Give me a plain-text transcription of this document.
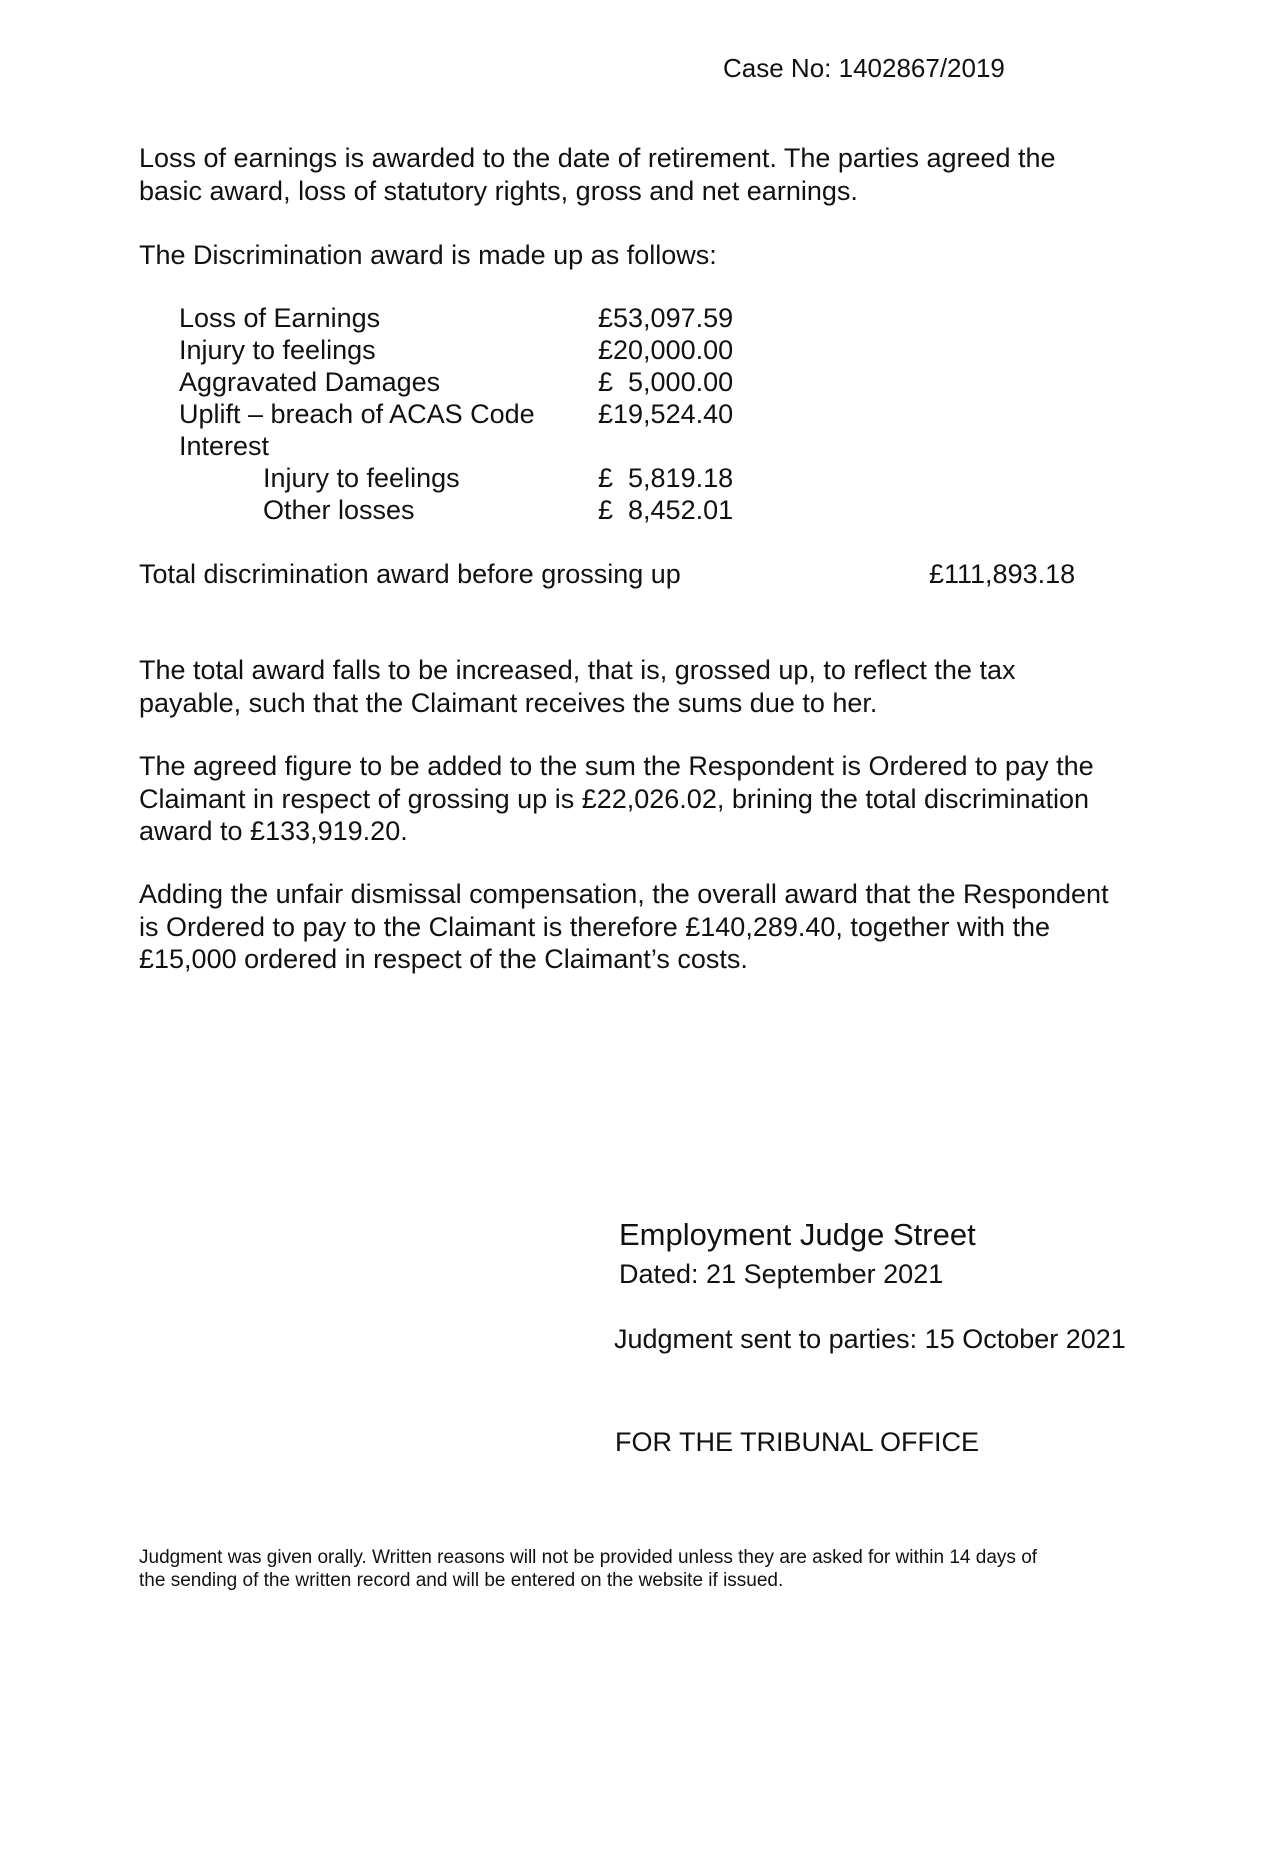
Case No: 1402867/2019
Loss of earnings is awarded to the date of retirement. The parties agreed the
basic award, loss of statutory rights, gross and net earnings.
The Discrimination award is made up as follows:
Loss of Earnings	£53,097.59
Injury to feelings	£20,000.00
Aggravated Damages	£  5,000.00
Uplift – breach of ACAS Code £19,524.40
Interest
Injury to feelings	£  5,819.18
Other losses	£  8,452.01
Total discrimination award before grossing up	£111,893.18
The total award falls to be increased, that is, grossed up, to reflect the tax
payable, such that the Claimant receives the sums due to her.
The agreed figure to be added to the sum the Respondent is Ordered to pay the
Claimant in respect of grossing up is £22,026.02, brining the total discrimination
award to £133,919.20.
Adding the unfair dismissal compensation, the overall award that the Respondent
is Ordered to pay to the Claimant is therefore £140,289.40, together with the
£15,000 ordered in respect of the Claimant’s costs.
Employment Judge Street
Dated: 21 September 2021
Judgment sent to parties: 15 October 2021
FOR THE TRIBUNAL OFFICE
Judgment was given orally. Written reasons will not be provided unless they are asked for within 14 days of
the sending of the written record and will be entered on the website if issued.
